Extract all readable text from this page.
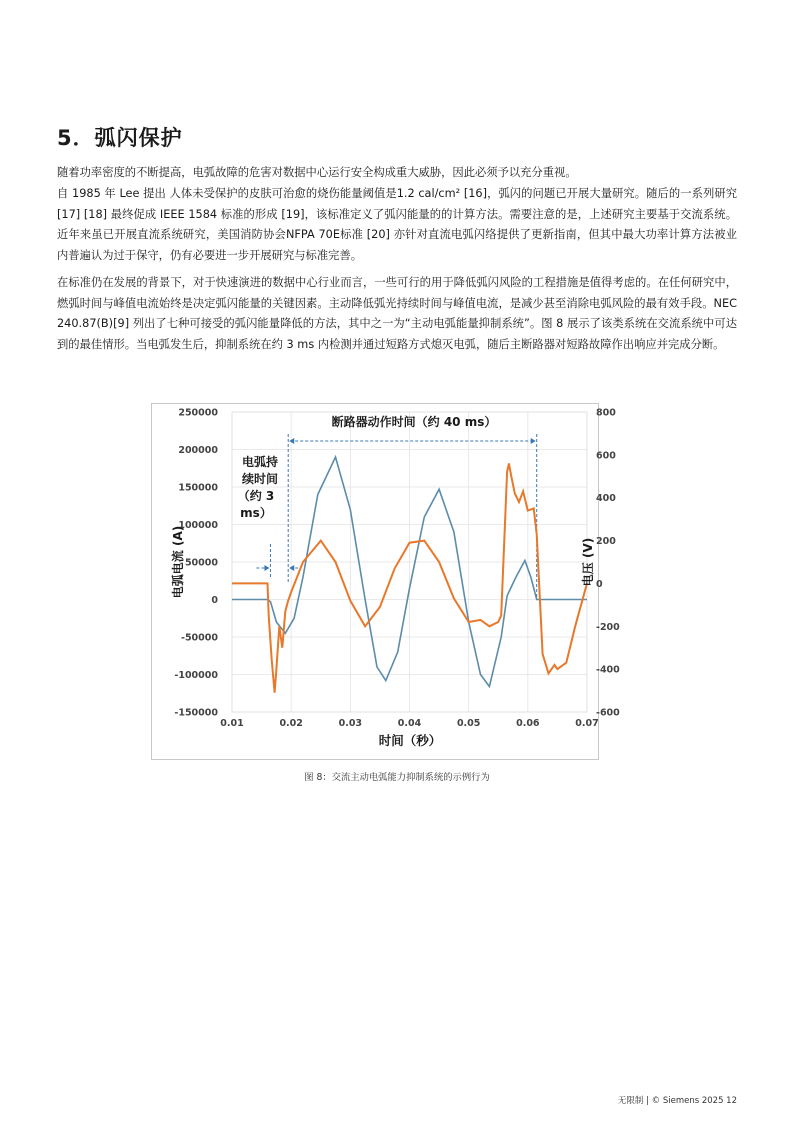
5．弧闪保护

随着功率密度的不断提高，电弧故障的危害对数据中心运行安全构成重大威胁，因此必须予以充分重视。

自 1985 年 Lee 提出 人体未受保护的皮肤可治愈的烧伤能量阈值是1.2 cal/cm² [16]，弧闪的问题已开展大量研究。随后的一系列研究 [17] [18] 最终促成 IEEE 1584 标准的形成 [19]，该标准定义了弧闪能量的的计算方法。需要注意的是，上述研究主要基于交流系统。近年来虽已开展直流系统研究，美国消防协会NFPA 70E标准 [20] 亦针对直流电弧闪络提供了更新指南，但其中最大功率计算方法被业内普遍认为过于保守，仍有必要进一步开展研究与标准完善。

在标准仍在发展的背景下，对于快速演进的数据中心行业而言，一些可行的用于降低弧闪风险的工程措施是值得考虑的。在任何研究中，燃弧时间与峰值电流始终是决定弧闪能量的关键因素。主动降低弧光持续时间与峰值电流，是减少甚至消除电弧风险的最有效手段。NEC 240.87(B)[9] 列出了七种可接受的弧闪能量降低的方法，其中之一为“主动电弧能量抑制系统”。图 8 展示了该类系统在交流系统中可达到的最佳情形。当电弧发生后，抑制系统在约 3 ms 内检测并通过短路方式熄灭电弧，随后主断路器对短路故障作出响应并完成分断。

0.01	0.02	0.03	0.04	0.05	0.06	0.07
250000
200000
150000
100000
50000
0
-50000
-100000
-150000
800
600
400
200
0
-200
-400
-600
电压 (V)
断路器动作时间（约 40 ms）
电弧持
续时间
（约 3
ms）
时间（秒）
电弧电流 (A)
图 8：交流主动电弧能力抑制系统的示例行为
无限制 | © Siemens 2025 12
